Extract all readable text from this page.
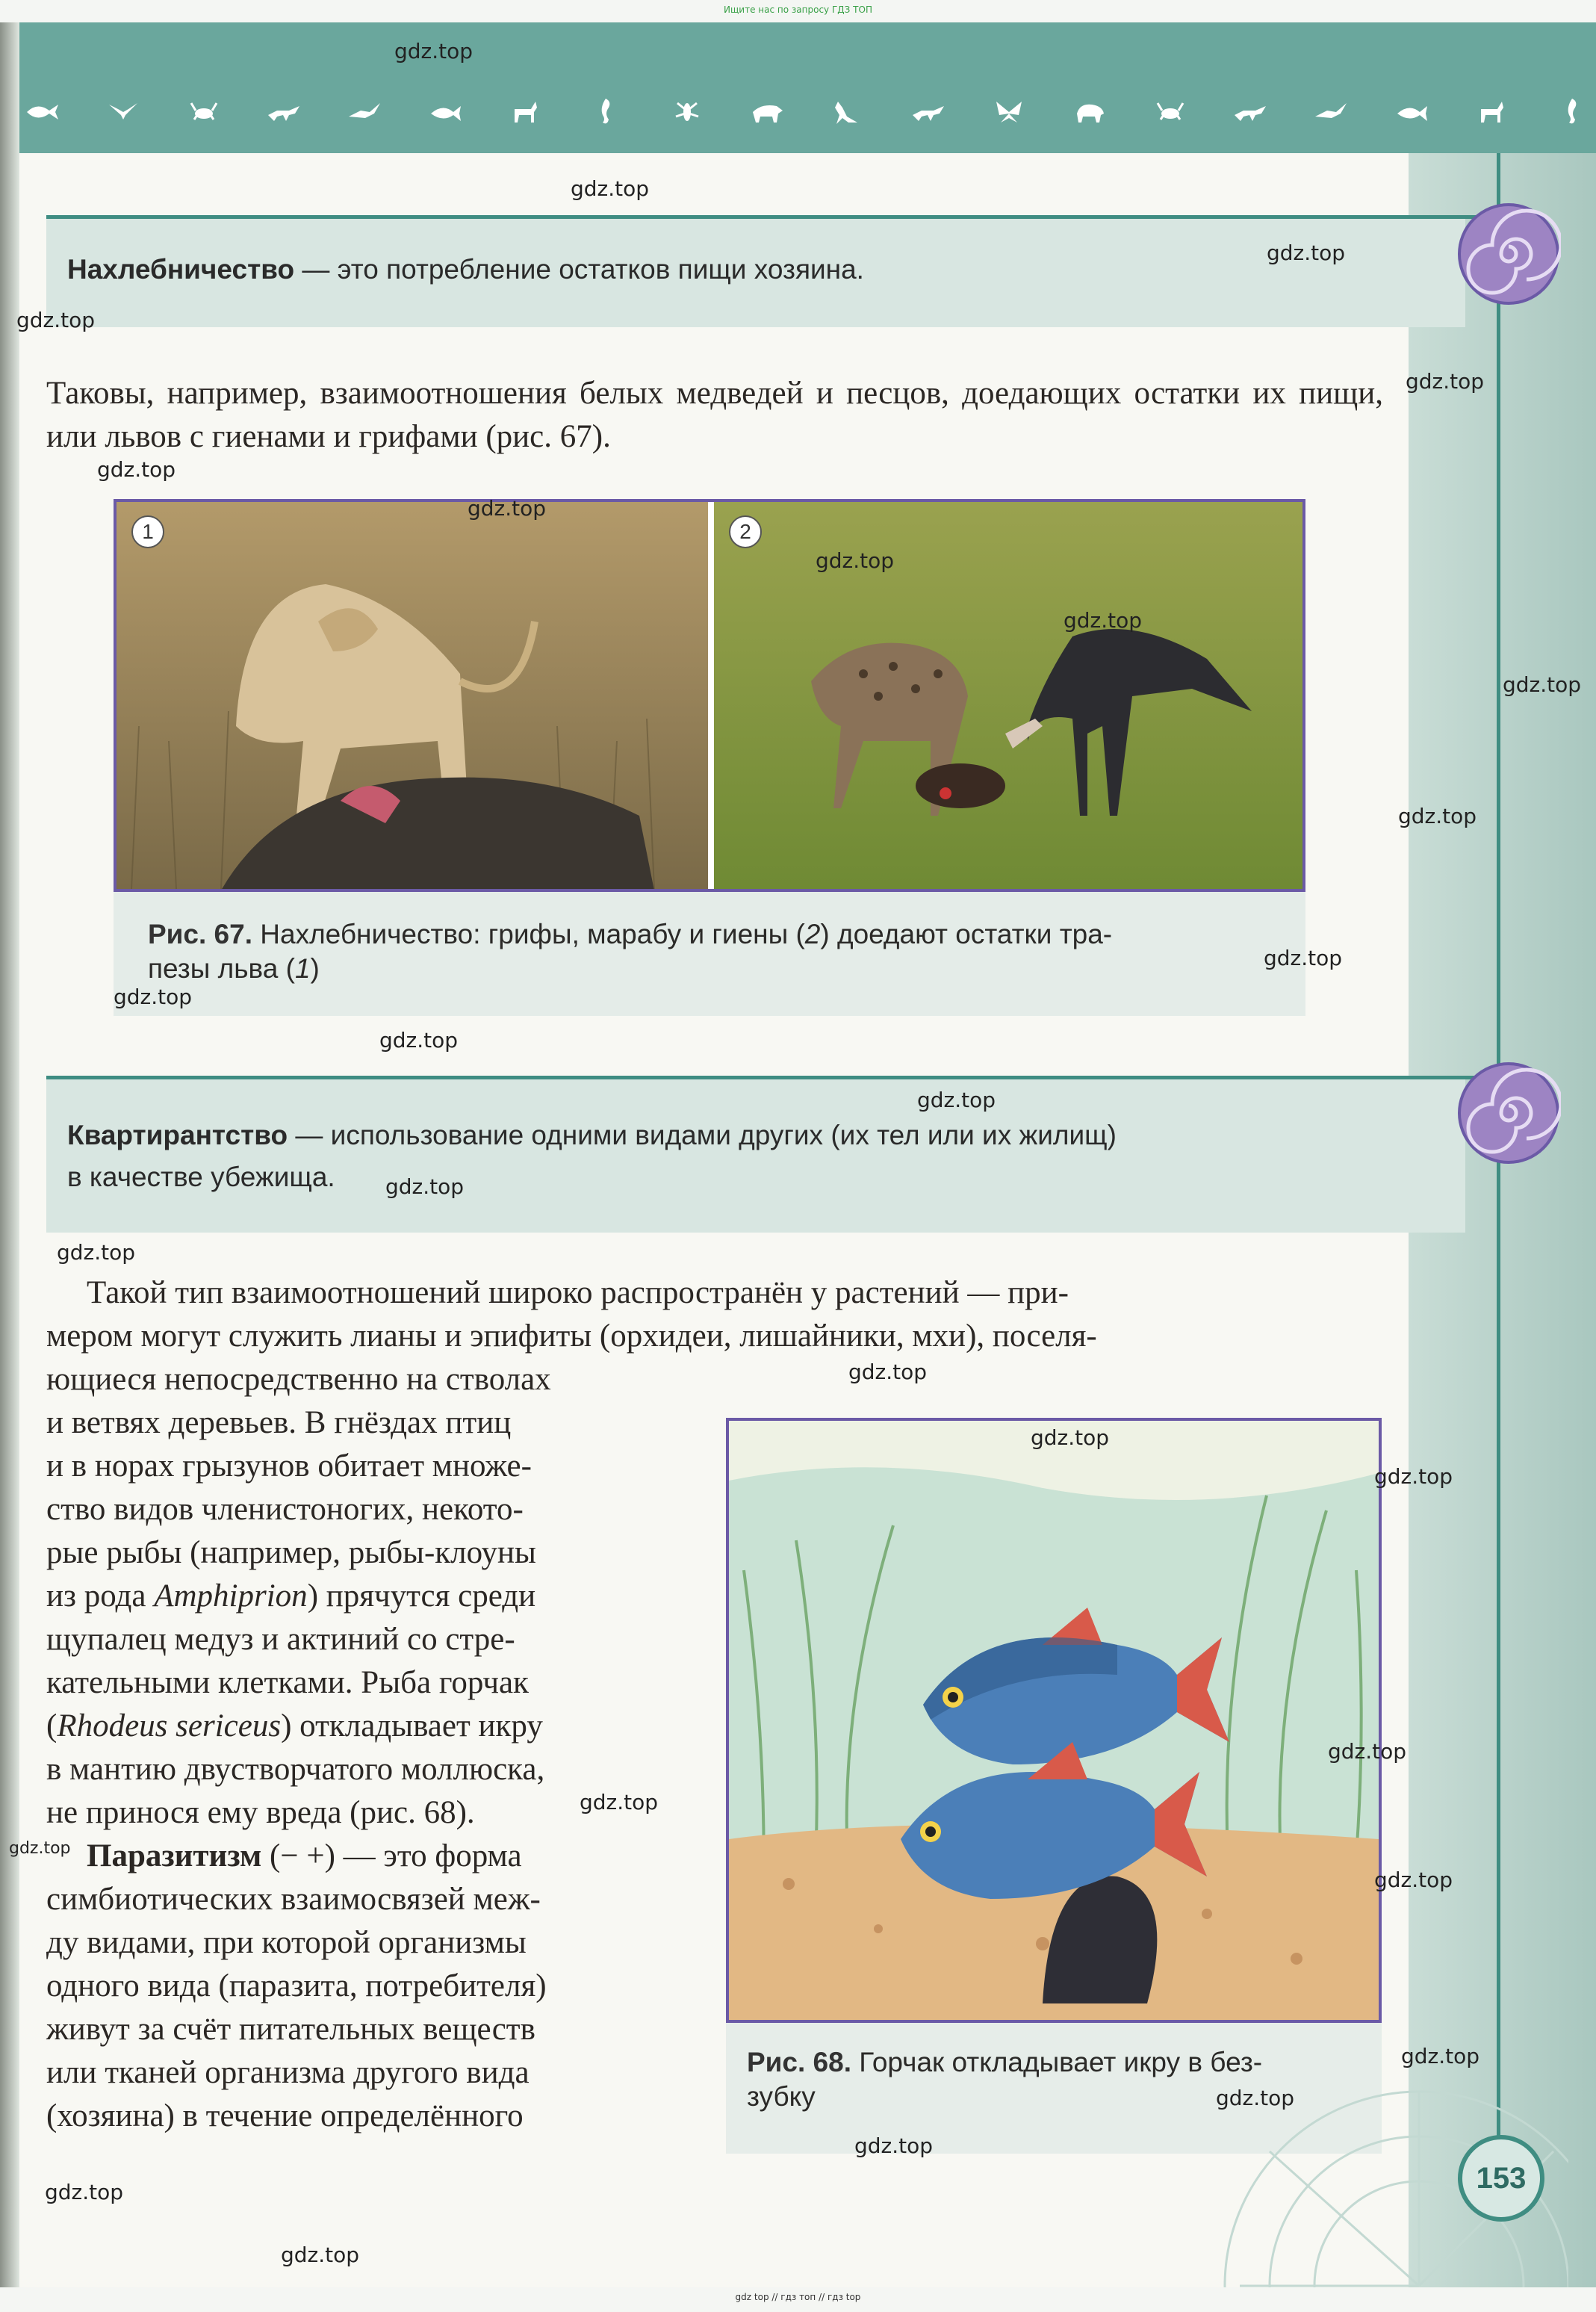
Ищите нас по запросу ГДЗ ТОП
Нахлебничество — это потребление остатков пищи хозяина.
Таковы, например, взаимоотношения белых медведей и песцов, доедающих остатки их пищи, или львов с гиенами и грифами (рис. 67).
1	2
Рис. 67. Нахлебничество: грифы, марабу и гиены (2) доедают остатки тра-
пезы льва (1)
Квартирантство — использование одними видами других (их тел или их жилищ)
в качестве убежища.
Такой тип взаимоотношений широко распространён у растений — при-
мером могут служить лианы и эпифиты (орхидеи, лишайники, мхи), поселя-
ющиеся непосредственно на стволах
и ветвях деревьев. В гнёздах птиц
и в норах грызунов обитает множе-
ство видов членистоногих, некото-
рые рыбы (например, рыбы-клоуны
из рода Amphiprion) прячутся среди
щупалец медуз и актиний со стре-
кательными клетками. Рыба горчак
(Rhodeus sericeus) откладывает икру
в мантию двустворчатого моллюска,
не принося ему вреда (рис. 68).
Паразитизм (− +) — это форма
симбиотических взаимосвязей меж-
ду видами, при которой организмы
одного вида (паразита, потребителя)
живут за счёт питательных веществ
или тканей организма другого вида
(хозяина) в течение определённого
Рис. 68. Горчак откладывает икру в без-
зубку
153
gdz top // гдз топ // гдз top
gdz.top
gdz.top
gdz.top
gdz.top
gdz.top
gdz.top
gdz.top
gdz.top
gdz.top
gdz.top
gdz.top
gdz.top
gdz.top
gdz.top
gdz.top
gdz.top
gdz.top
gdz.top
gdz.top
gdz.top
gdz.top
gdz.top
gdz.top
gdz.top
gdz.top
gdz.top
gdz.top
gdz.top
gdz.top
